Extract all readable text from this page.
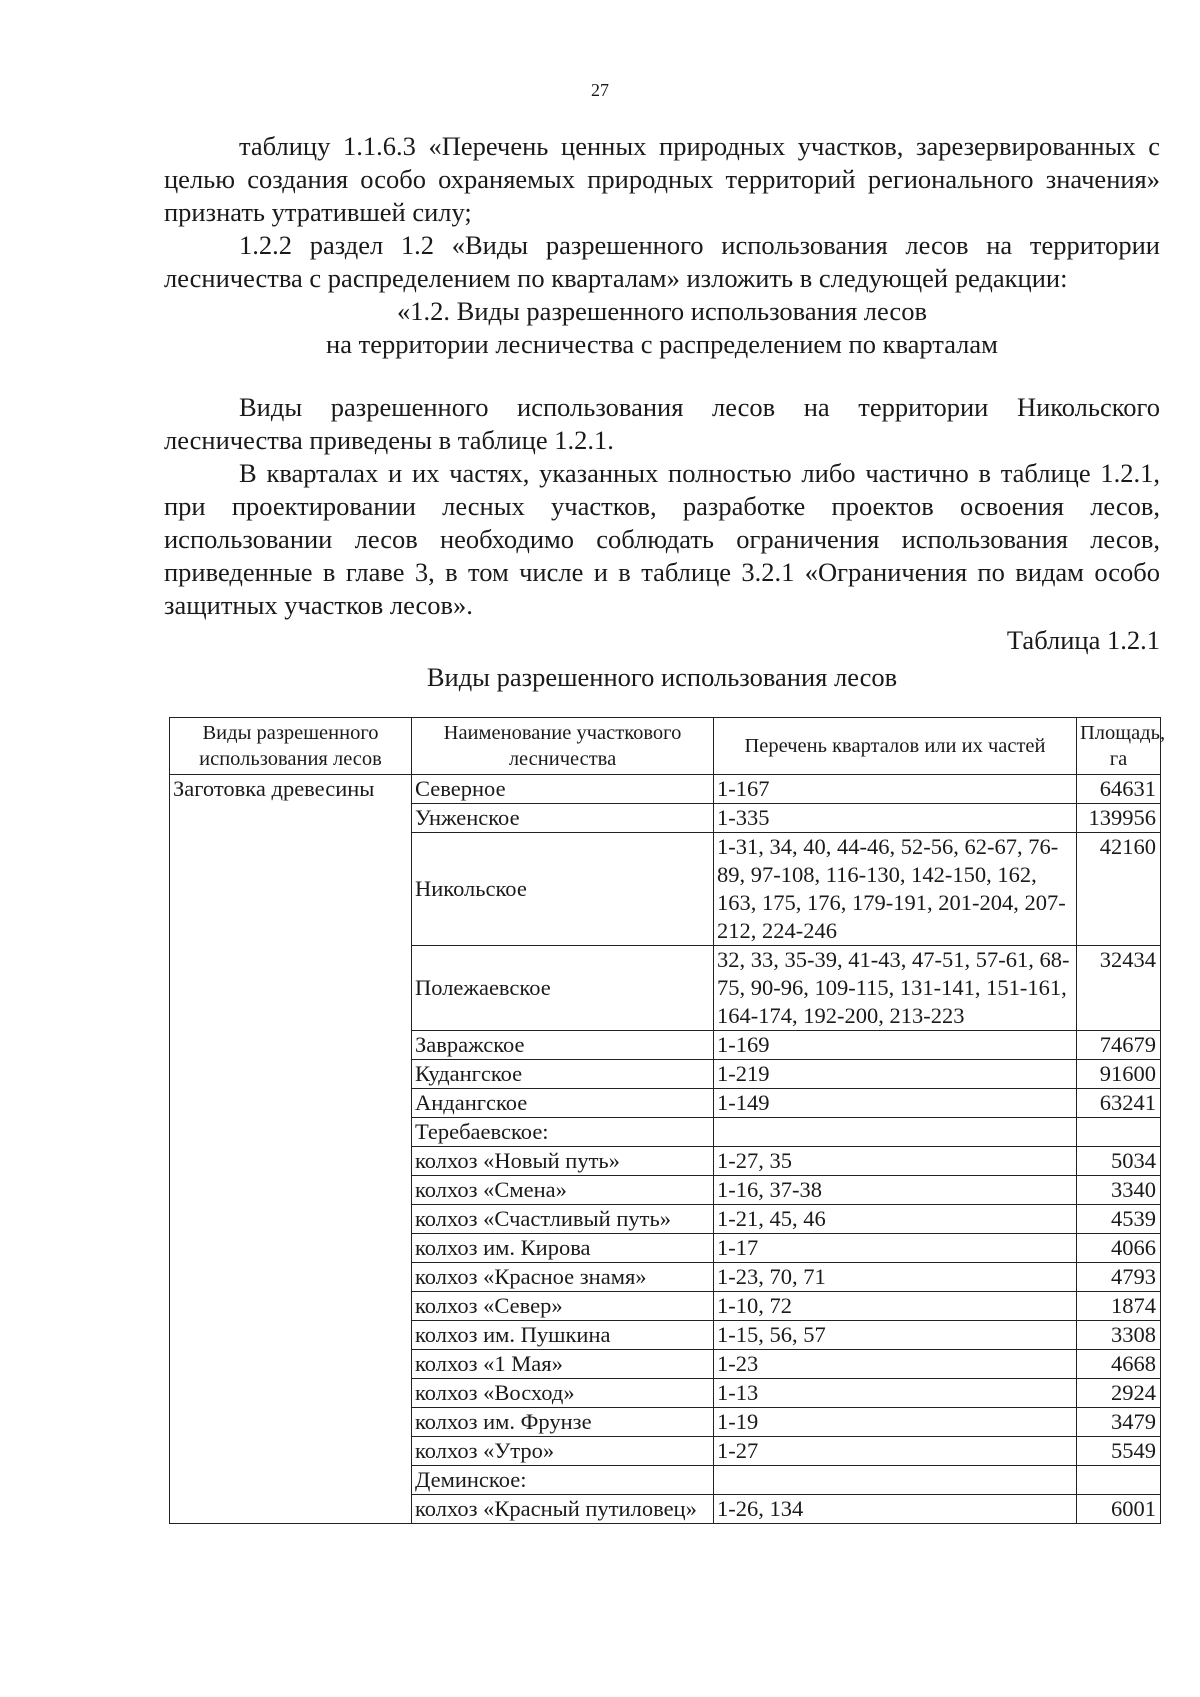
27

таблицу 1.1.6.3 «Перечень ценных природных участков, зарезервированных с целью создания особо охраняемых природных территорий регионального значения» признать утратившей силу;

1.2.2 раздел 1.2 «Виды разрешенного использования лесов на территории лесничества с распределением по кварталам» изложить в следующей редакции:

«1.2. Виды разрешенного использования лесов
на территории лесничества с распределением по кварталам

Виды разрешенного использования лесов на территории Никольского лесничества приведены в таблице 1.2.1.

В кварталах и их частях, указанных полностью либо частично в таблице 1.2.1, при проектировании лесных участков, разработке проектов освоения лесов, использовании лесов необходимо соблюдать ограничения использования лесов, приведенные в главе 3, в том числе и в таблице 3.2.1 «Ограничения по видам особо защитных участков лесов».

Таблица 1.2.1
Виды разрешенного использования лесов
Виды разрешенного использования лесов	Наименование участкового лесничества	Перечень кварталов или их частей	Площадь, га
Заготовка древесины	Северное	1-167	64631
	Унженское	1-335	139956
	Никольское	1-31, 34, 40, 44-46, 52-56, 62-67, 76-89, 97-108, 116-130, 142-150, 162, 163, 175, 176, 179-191, 201-204, 207-212, 224-246	42160
	Полежаевское	32, 33, 35-39, 41-43, 47-51, 57-61, 68-75, 90-96, 109-115, 131-141, 151-161, 164-174, 192-200, 213-223	32434
	Завражское	1-169	74679
	Кудангское	1-219	91600
	Андангское	1-149	63241
	Теребаевское:		
	колхоз «Новый путь»	1-27, 35	5034
	колхоз «Смена»	1-16, 37-38	3340
	колхоз «Счастливый путь»	1-21, 45, 46	4539
	колхоз им. Кирова	1-17	4066
	колхоз «Красное знамя»	1-23, 70, 71	4793
	колхоз «Север»	1-10, 72	1874
	колхоз им. Пушкина	1-15, 56, 57	3308
	колхоз «1 Мая»	1-23	4668
	колхоз «Восход»	1-13	2924
	колхоз им. Фрунзе	1-19	3479
	колхоз «Утро»	1-27	5549
	Деминское:		
	колхоз «Красный путиловец»	1-26, 134	6001
